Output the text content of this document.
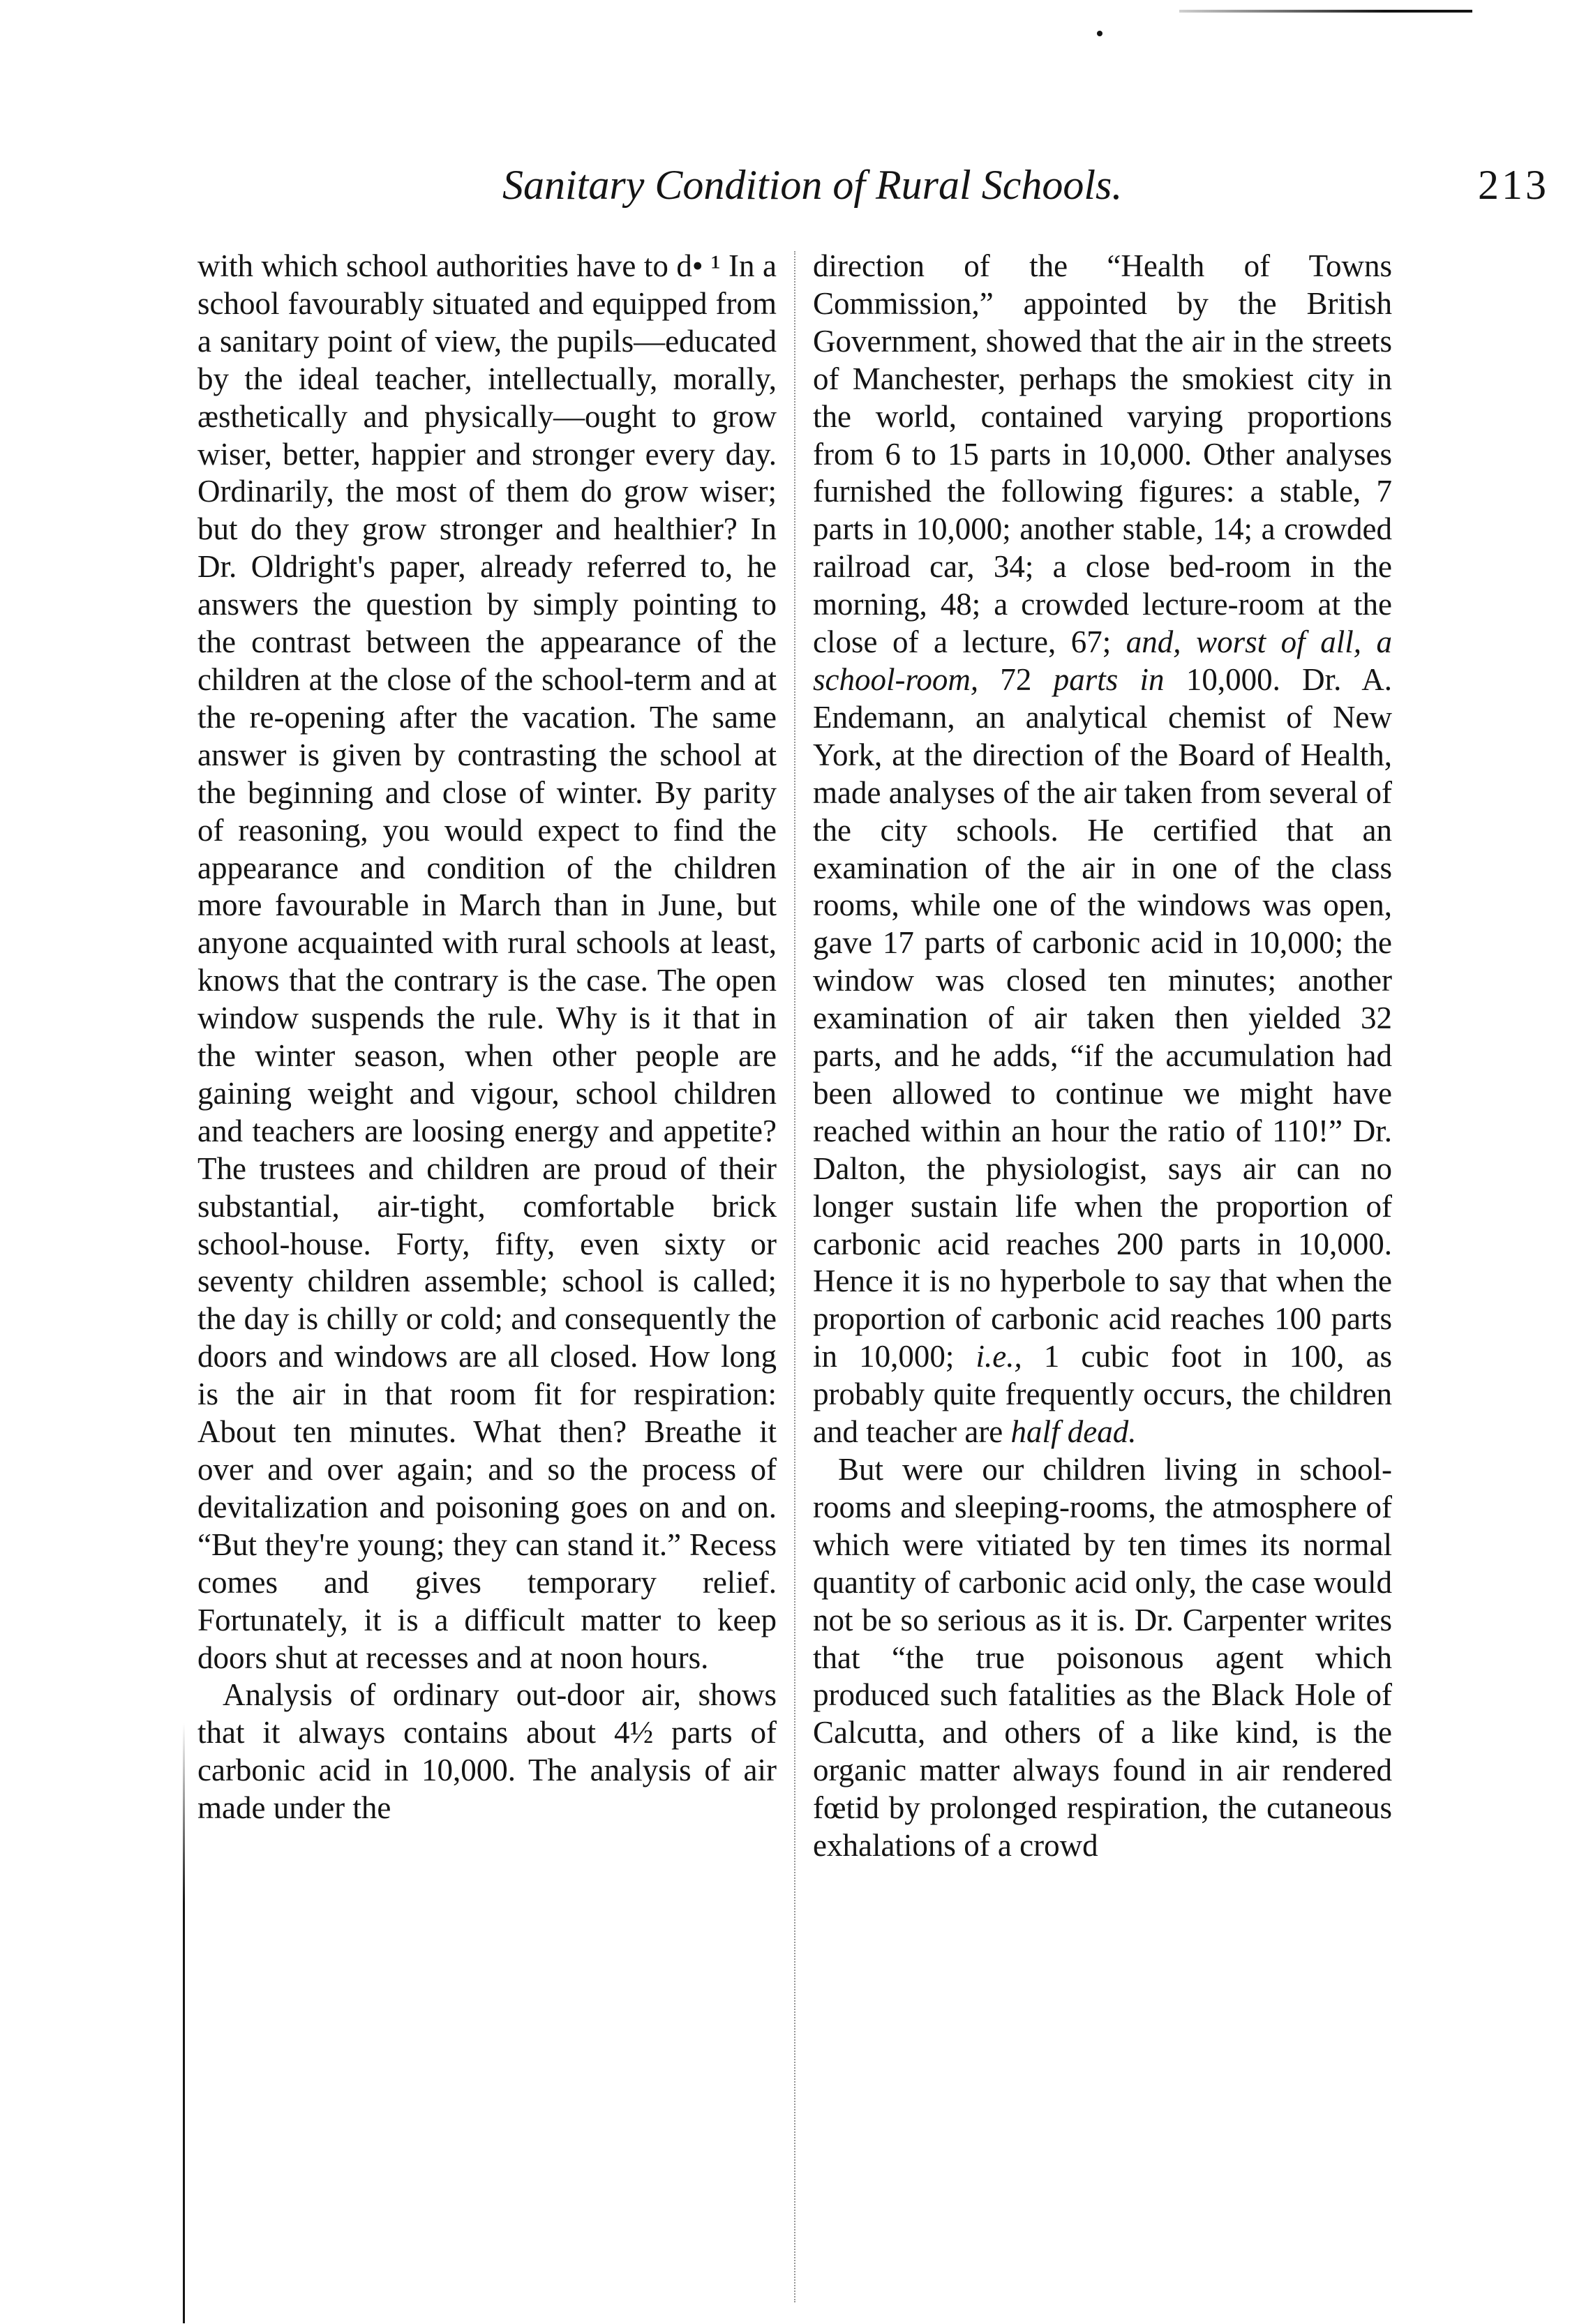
Sanitary Condition of Rural Schools.	213

with which school authorities have to d• ¹ In a school favourably situated and equipped from a sanitary point of view, the pupils—educated by the ideal teacher, intellectually, morally, æsthetically and physically—ought to grow wiser, better, happier and stronger every day. Ordinarily, the most of them do grow wiser; but do they grow stronger and healthier? In Dr. Oldright's paper, already referred to, he answers the question by simply pointing to the contrast between the appearance of the children at the close of the school-term and at the re-opening after the vacation. The same answer is given by contrasting the school at the beginning and close of winter. By parity of reasoning, you would expect to find the appearance and condition of the children more favourable in March than in June, but anyone acquainted with rural schools at least, knows that the contrary is the case. The open window suspends the rule. Why is it that in the winter season, when other people are gaining weight and vigour, school children and teachers are loosing energy and appetite? The trustees and children are proud of their substantial, air-tight, comfortable brick school-house. Forty, fifty, even sixty or seventy children assemble; school is called; the day is chilly or cold; and consequently the doors and windows are all closed. How long is the air in that room fit for respiration: About ten minutes. What then? Breathe it over and over again; and so the process of devitalization and poisoning goes on and on. “But they're young; they can stand it.” Recess comes and gives temporary relief. Fortunately, it is a difficult matter to keep doors shut at recesses and at noon hours.

Analysis of ordinary out-door air, shows that it always contains about 4½ parts of carbonic acid in 10,000. The analysis of air made under the

direction of the “Health of Towns Commission,” appointed by the British Government, showed that the air in the streets of Manchester, perhaps the smokiest city in the world, contained varying proportions from 6 to 15 parts in 10,000. Other analyses furnished the following figures: a stable, 7 parts in 10,000; another stable, 14; a crowded railroad car, 34; a close bed-room in the morning, 48; a crowded lecture-room at the close of a lecture, 67; and, worst of all, a school-room, 72 parts in 10,000. Dr. A. Endemann, an analytical chemist of New York, at the direction of the Board of Health, made analyses of the air taken from several of the city schools. He certified that an examination of the air in one of the class rooms, while one of the windows was open, gave 17 parts of carbonic acid in 10,000; the window was closed ten minutes; another examination of air taken then yielded 32 parts, and he adds, “if the accumulation had been allowed to continue we might have reached within an hour the ratio of 110!” Dr. Dalton, the physiologist, says air can no longer sustain life when the proportion of carbonic acid reaches 200 parts in 10,000. Hence it is no hyperbole to say that when the proportion of carbonic acid reaches 100 parts in 10,000; i.e., 1 cubic foot in 100, as probably quite frequently occurs, the children and teacher are half dead.

But were our children living in school-rooms and sleeping-rooms, the atmosphere of which were vitiated by ten times its normal quantity of carbonic acid only, the case would not be so serious as it is. Dr. Carpenter writes that “the true poisonous agent which produced such fatalities as the Black Hole of Calcutta, and others of a like kind, is the organic matter always found in air rendered fœtid by prolonged respiration, the cutaneous exhalations of a crowd
